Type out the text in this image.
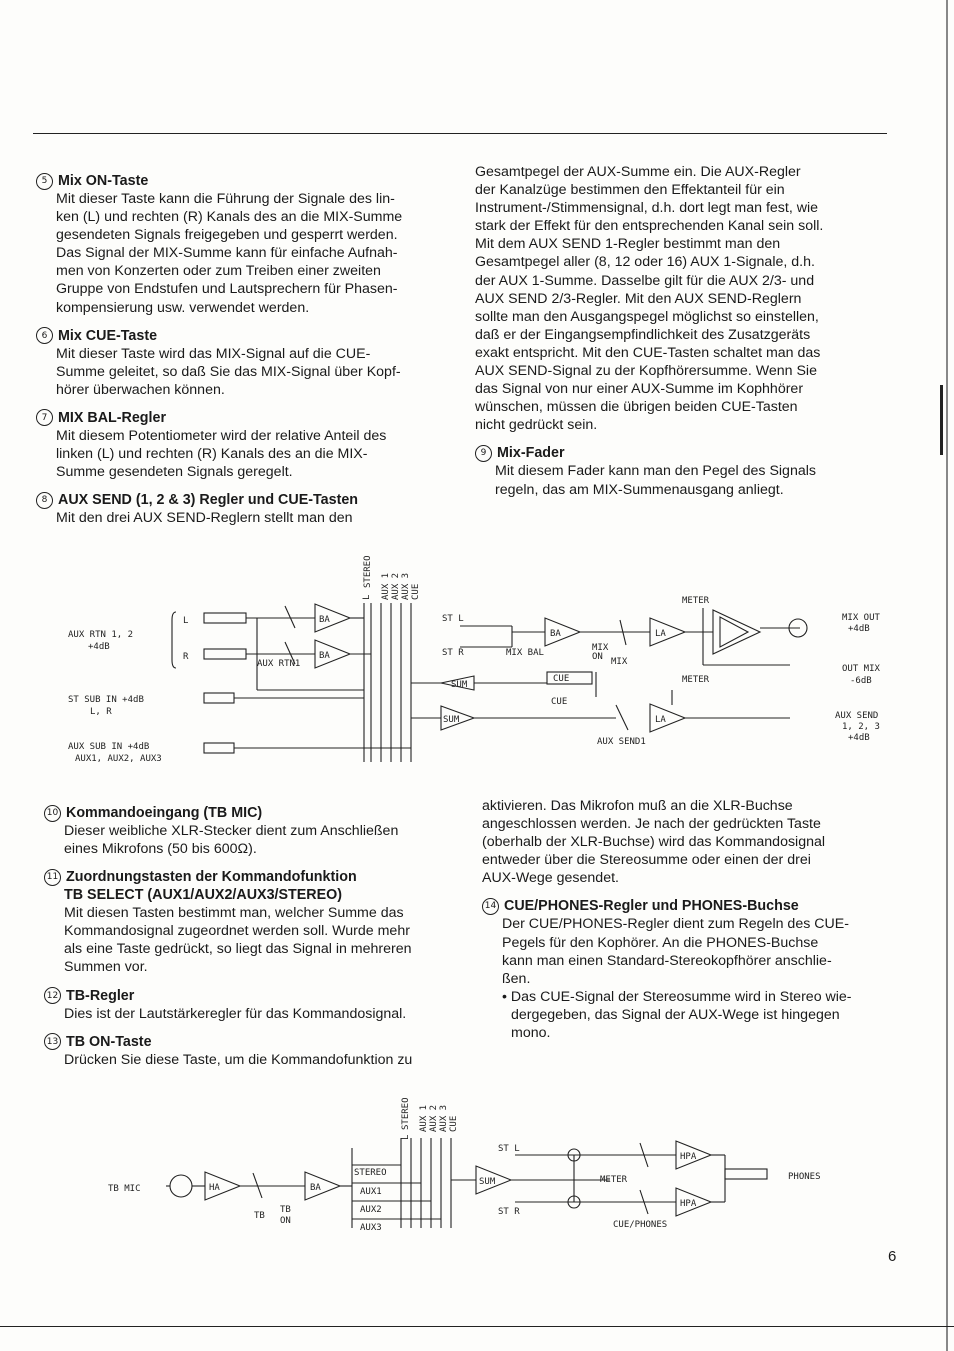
5 Mix ON-Taste

Mit dieser Taste kann die Führung der Signale des lin-

ken (L) und rechten (R) Kanals des an die MIX-Summe

gesendeten Signals freigegeben und gesperrt werden.

Das Signal der MIX-Summe kann für einfache Aufnah-

men von Konzerten oder zum Treiben einer zweiten

Gruppe von Endstufen und Lautsprechern für Phasen-

kompensierung usw. verwendet werden.

6 Mix CUE-Taste

Mit dieser Taste wird das MIX-Signal auf die CUE-

Summe geleitet, so daß Sie das MIX-Signal über Kopf-

hörer überwachen können.

7 MIX BAL-Regler

Mit diesem Potentiometer wird der relative Anteil des

linken (L) und rechten (R) Kanals des an die MIX-

Summe gesendeten Signals geregelt.

8 AUX SEND (1, 2 & 3) Regler und CUE-Tasten

Mit den drei AUX SEND-Reglern stellt man den

Gesamtpegel der AUX-Summe ein. Die AUX-Regler

der Kanalzüge bestimmen den Effektanteil für ein

Instrument-/Stimmensignal, d.h. dort legt man fest, wie

stark der Effekt für den entsprechenden Kanal sein soll.

Mit dem AUX SEND 1-Regler bestimmt man den

Gesamtpegel aller (8, 12 oder 16) AUX 1-Signale, d.h.

der AUX 1-Summe. Dasselbe gilt für die AUX 2/3- und

AUX SEND 2/3-Regler. Mit den AUX SEND-Reglern

sollte man den Ausgangspegel möglichst so einstellen,

daß er der Eingangsempfindlichkeit des Zusatzgeräts

exakt entspricht. Mit den CUE-Tasten schaltet man das

AUX SEND-Signal zu der Kopfhörersumme. Wenn Sie

das Signal von nur einer AUX-Summe im Kophhörer

wünschen, müssen die übrigen beiden CUE-Tasten

nicht gedrückt sein.

9 Mix-Fader

Mit diesem Fader kann man den Pegel des Signals

regeln, das am MIX-Summenausgang anliegt.

L
STEREO AUX 1 AUX 2 AUX 3 CUE
AUX RTN 1, 2
+4dB
L
R
AUX RTN1
ST SUB IN +4dB
L, R
AUX SUB IN +4dB
AUX1, AUX2, AUX3
BA
BA
ST L
ST R	MIX BAL	MIX
ON MIX
METER
MIX OUT
+4dB
OUT MIX
-6dB
METER
AUX SEND
1, 2, 3
+4dB
AUX SEND1
BA	LA
SUM
SUM
CUE
CUE
LA
10 Kommandoeingang (TB MIC)

Dieser weibliche XLR-Stecker dient zum Anschließen

eines Mikrofons (50 bis 600Ω).

11 Zuordnungstasten der Kommandofunktion
TB SELECT (AUX1/AUX2/AUX3/STEREO)

Mit diesen Tasten bestimmt man, welcher Summe das

Kommandosignal zugeordnet werden soll. Wurde mehr

als eine Taste gedrückt, so liegt das Signal in mehreren

Summen vor.

12 TB-Regler

Dies ist der Lautstärkeregler für das Kommandosignal.

13 TB ON-Taste

Drücken Sie diese Taste, um die Kommandofunktion zu

aktivieren. Das Mikrofon muß an die XLR-Buchse

angeschlossen werden. Je nach der gedrückten Taste

(oberhalb der XLR-Buchse) wird das Kommandosignal

entweder über die Stereosumme oder einen der drei

AUX-Wege gesendet.

14 CUE/PHONES-Regler und PHONES-Buchse

Der CUE/PHONES-Regler dient zum Regeln des CUE-

Pegels für den Kophörer. An die PHONES-Buchse

kann man einen Standard-Stereokopfhörer anschlie-

ßen.

• Das CUE-Signal der Stereosumme wird in Stereo wie-

dergegeben, das Signal der AUX-Wege ist hingegen

mono.

STEREO
L
AUX 1 AUX 2 AUX 3 CUE
TB MIC
TB
TB
ON
STEREO
AUX1
AUX2
AUX3
ST L
ST R
METER	PHONES
CUE/PHONES
HA	BA
SUM
HPA
HPA
6
